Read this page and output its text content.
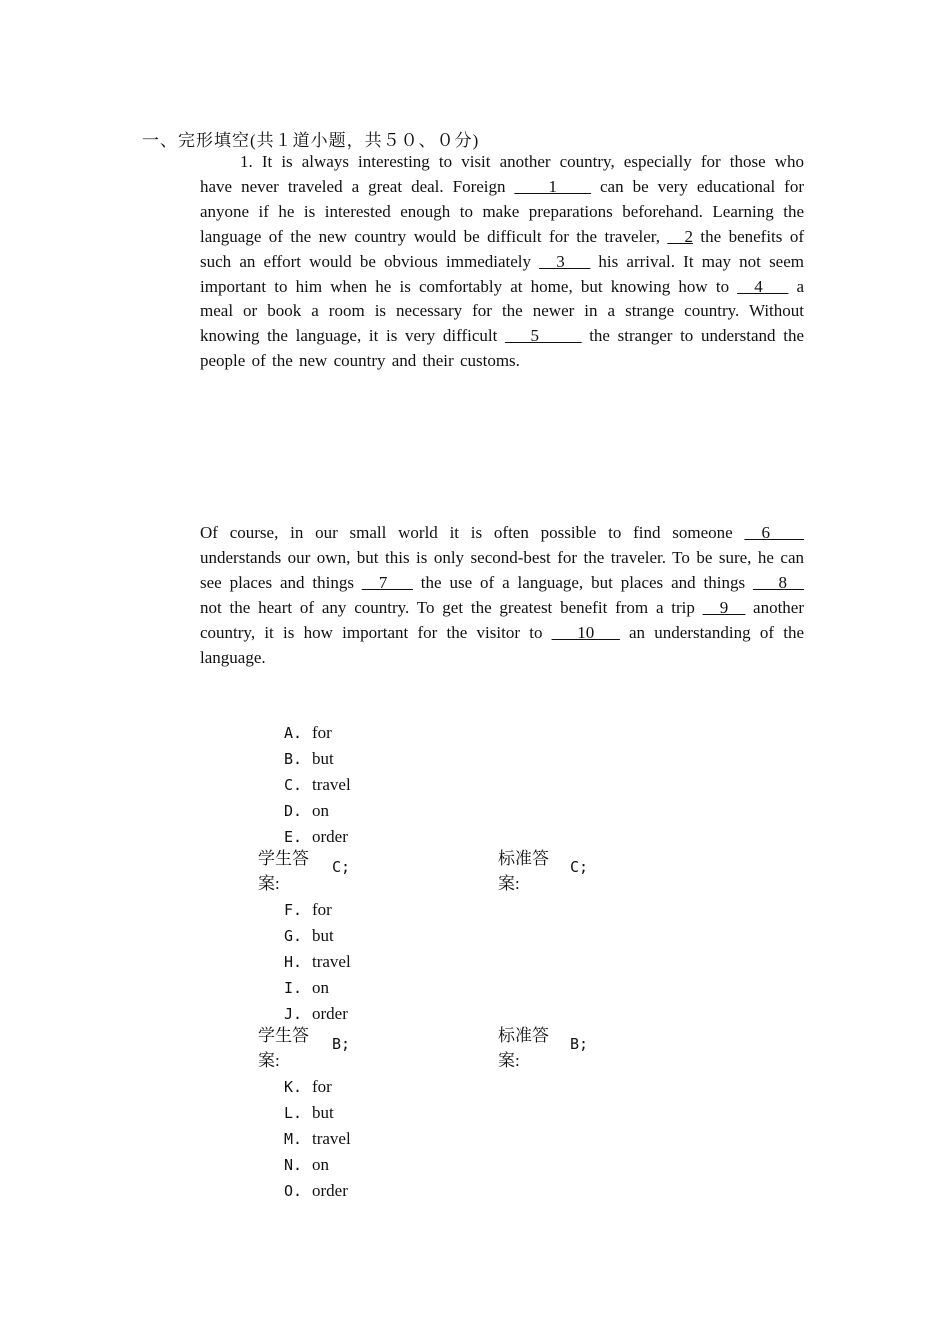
一、完形填空(共１道小题，共５０、０分)
1. It is always interesting to visit another country, especially for those who have never traveled a great deal. Foreign ____1____ can be very educational for anyone if he is interested enough to make preparations beforehand. Learning the language of the new country would be difficult for the traveler, __2 the benefits of such an effort would be obvious immediately __3___ his arrival. It may not seem important to him when he is comfortably at home, but knowing how to __4___ a meal or book a room is necessary for the newer in a strange country. Without knowing the language, it is very difficult ___5_____ the stranger to understand the people of the new country and their customs.
Of course, in our small world it is often possible to find someone __6____ understands our own, but this is only second-best for the traveler. To be sure, he can see places and things __7___ the use of a language, but places and things ___8__ not the heart of any country. To get the greatest benefit from a trip __9__ another country, it is how important for the visitor to ___10___ an understanding of the language.
A. for
B. but
C. travel
D. on
E. order
学生答
案:
C;	标准答
案:
C;
F. for
G. but
H. travel
I. on
J. order
学生答
案:
B;	标准答
案:
B;
K. for
L. but
M. travel
N. on
O. order
